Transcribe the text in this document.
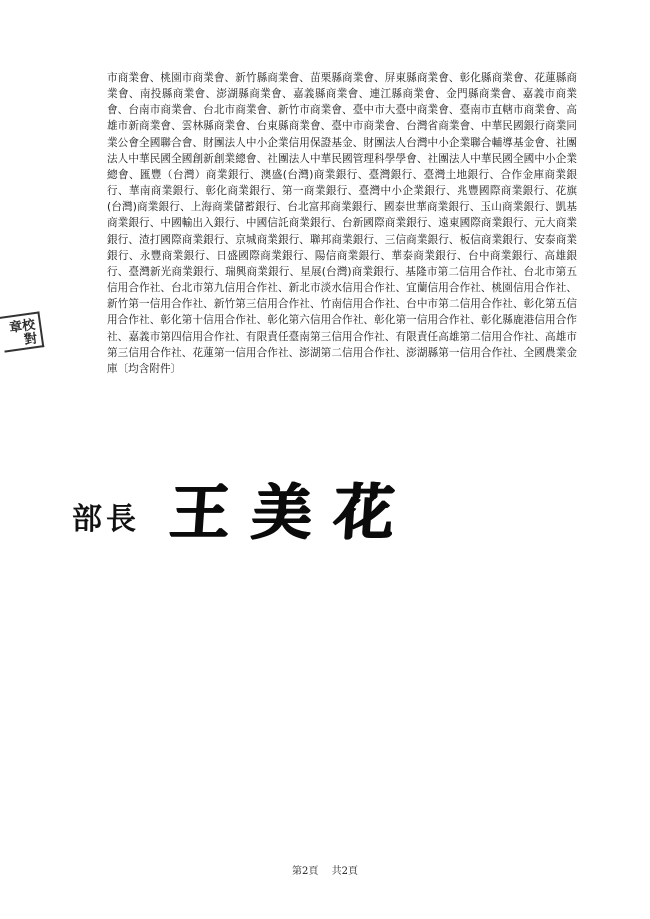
市商業會、桃園市商業會、新竹縣商業會、苗栗縣商業會、屏東縣商業會、彰化縣商業會、花蓮縣商業會、南投縣商業會、澎湖縣商業會、嘉義縣商業會、連江縣商業會、金門縣商業會、嘉義市商業會、台南市商業會、台北市商業會、新竹市商業會、臺中市大臺中商業會、臺南市直轄市商業會、高雄市新商業會、雲林縣商業會、台東縣商業會、臺中市商業會、台灣省商業會、中華民國銀行商業同業公會全國聯合會、財團法人中小企業信用保證基金、財團法人台灣中小企業聯合輔導基金會、社團法人中華民國全國創新創業總會、社團法人中華民國管理科學學會、社團法人中華民國全國中小企業總會、匯豐（台灣）商業銀行、澳盛(台灣)商業銀行、臺灣銀行、臺灣土地銀行、合作金庫商業銀行、華南商業銀行、彰化商業銀行、第一商業銀行、臺灣中小企業銀行、兆豐國際商業銀行、花旗(台灣)商業銀行、上海商業儲蓄銀行、台北富邦商業銀行、國泰世華商業銀行、玉山商業銀行、凱基商業銀行、中國輸出入銀行、中國信託商業銀行、台新國際商業銀行、遠東國際商業銀行、元大商業銀行、渣打國際商業銀行、京城商業銀行、聯邦商業銀行、三信商業銀行、板信商業銀行、安泰商業銀行、永豐商業銀行、日盛國際商業銀行、陽信商業銀行、華泰商業銀行、台中商業銀行、高雄銀行、臺灣新光商業銀行、瑞興商業銀行、星展(台灣)商業銀行、基隆市第二信用合作社、台北市第五信用合作社、台北市第九信用合作社、新北市淡水信用合作社、宜蘭信用合作社、桃園信用合作社、新竹第一信用合作社、新竹第三信用合作社、竹南信用合作社、台中市第二信用合作社、彰化第五信用合作社、彰化第十信用合作社、彰化第六信用合作社、彰化第一信用合作社、彰化縣鹿港信用合作社、嘉義市第四信用合作社、有限責任臺南第三信用合作社、有限責任高雄第二信用合作社、高雄市第三信用合作社、花蓮第一信用合作社、澎湖第二信用合作社、澎湖縣第一信用合作社、全國農業金庫〔均含附件〕

校對章
部長 王美花
第2頁 共2頁
